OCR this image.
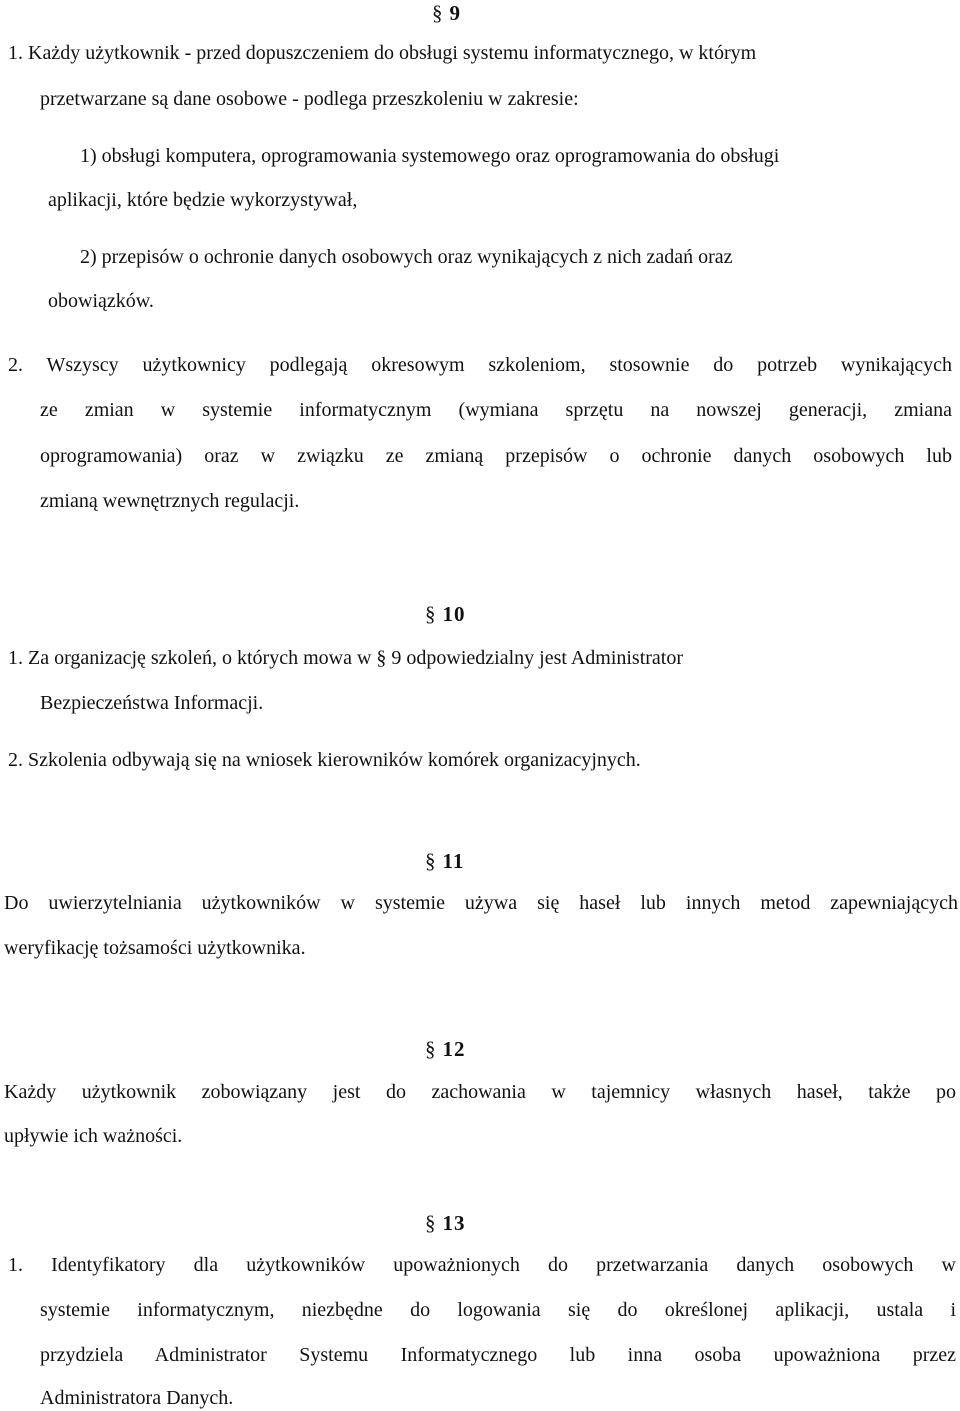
§ 9
1. Każdy użytkownik - przed dopuszczeniem do obsługi systemu informatycznego, w którym
przetwarzane są dane osobowe - podlega przeszkoleniu w zakresie:
1) obsługi komputera, oprogramowania systemowego oraz oprogramowania do obsługi
aplikacji, które będzie wykorzystywał,
2) przepisów o ochronie danych osobowych oraz wynikających z nich zadań oraz
obowiązków.
2. Wszyscy użytkownicy podlegają okresowym szkoleniom, stosownie do potrzeb wynikających
ze zmian w systemie informatycznym (wymiana sprzętu na nowszej generacji, zmiana
oprogramowania) oraz w związku ze zmianą przepisów o ochronie danych osobowych lub
zmianą wewnętrznych regulacji.
§ 10
1. Za organizację szkoleń, o których mowa w § 9 odpowiedzialny jest Administrator
Bezpieczeństwa Informacji.
2. Szkolenia odbywają się na wniosek kierowników komórek organizacyjnych.
§ 11
Do uwierzytelniania użytkowników w systemie używa się haseł lub innych metod zapewniających
weryfikację tożsamości użytkownika.
§ 12
Każdy użytkownik zobowiązany jest do zachowania w tajemnicy własnych haseł, także po
upływie ich ważności.
§ 13
1. Identyfikatory dla użytkowników upoważnionych do przetwarzania danych osobowych w
systemie informatycznym, niezbędne do logowania się do określonej aplikacji, ustala i
przydziela Administrator Systemu Informatycznego lub inna osoba upoważniona przez
Administratora Danych.
